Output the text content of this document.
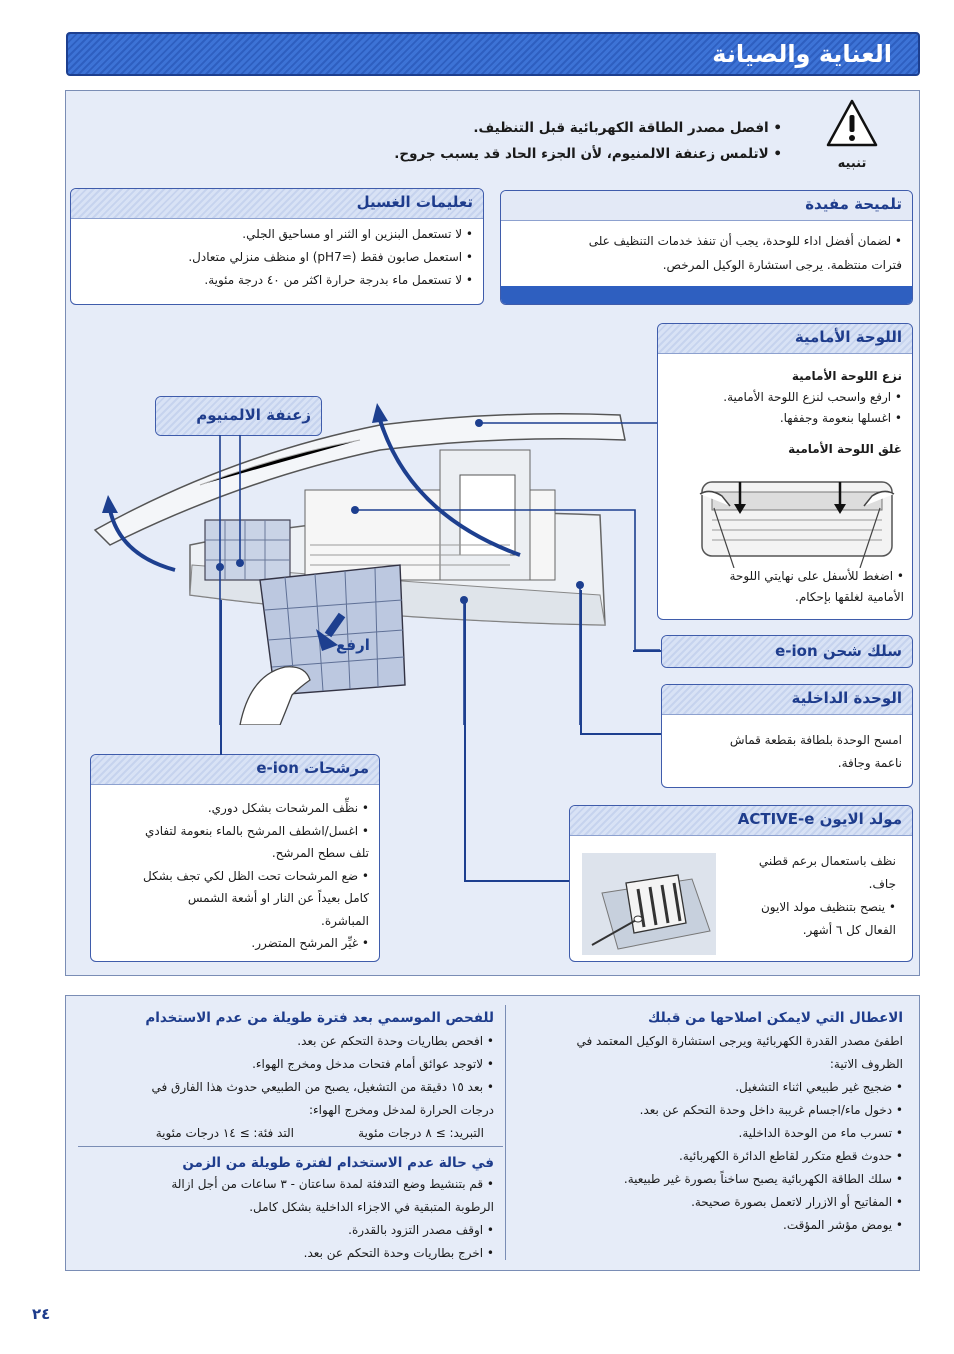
العناية والصيانة
تنبيه
• افصل مصدر الطاقة الكهربائية قبل التنظيف.
• لاتلمس زعنفة الالمنيوم، لأن الجزء الحاد قد يسبب جروح.
تلميحة مفيدة

• لضمان أفضل اداء للوحدة، يجب أن تنفذ خدمات التنظيف على

فترات منتظمة. يرجى استشارة الوكيل المرخص.

تعليمات الغسيل

• لا تستعمل البنزين او الثنر او مساحيق الجلي.

• استعمل صابون فقط (≃pH7) او منظف منزلي متعادل.

• لا تستعمل ماء بدرجة حرارة اكثر من ٤٠ درجة مئوية.

اللوحة الأمامية

نزع اللوحة الأمامية

• ارفع واسحب لنزع اللوحة الأمامية.

• اغسلها بنعومة وجففها.

غلق اللوحة الأمامية

• اضغط للأسفل على نهايتي اللوحة

الأمامية لغلقها بإحكام.

سلك شحن e-ion
الوحدة الداخلية

امسح الوحدة بلطافة بقطعة قماش

ناعمة وجافة.

مولد الايون ACTIVE-e

نظف باستعمال برعم قطني

جاف.

• ينصح بتنظيف مولد الايون

الفعال كل ٦ أشهر.

مرشحات e-ion

• نظِّف المرشحات بشكل دوري.

• اغسل/اشطف المرشح بالماء بنعومة لتفادي

تلف سطح المرشح.

• ضع المرشحات تحت الظل لكي تجف بشكل

كامل بعيداً عن النار او أشعة الشمس

المباشرة.

• غيِّر المرشح المتضرر.

زعنفة الالمنيوم
ارفع
الاعطال التي لايمكن اصلاحها من قبلك
اطفئ مصدر القدرة الكهربائية ويرجى استشارة الوكيل المعتمد في
الظروف الاتية:
• ضجيج غير طبيعي اثناء التشغيل.
• دخول ماء/اجسام غريبة داخل وحدة التحكم عن بعد.
• تسرب ماء من الوحدة الداخلية.
• حدوث قطع متكرر لقاطع الدائرة الكهربائية.
• سلك الطاقة الكهربائية يصبح ساخناً بصورة غير طبيعية.
• المفاتيح أو الازرار لاتعمل بصورة صحيحة.
• يومض مؤشر المؤقت.
للفحص الموسمي بعد فترة طويلة من عدم الاستخدام
• افحص بطاريات وحدة التحكم عن بعد.
• لاتوجد عوائق أمام فتحات مدخل ومخرج الهواء.
• بعد ١٥ دقيقة من التشغيل، يصبح من الطبيعي حدوث هذا الفارق في
درجات الحرارة لمدخل ومخرج الهواء:
التبريد: ≥ ٨ درجات مئوية
التد فئة: ≥ ١٤ درجات مئوية
في حالة عدم الاستخدام لفترة طويلة من الزمن
• قم بتنشيط وضع التدفئة لمدة ساعتان - ٣ ساعات من أجل ازالة
الرطوبة المتبقية في الاجزاء الداخلية بشكل كامل.
• اوقف مصدر التزود بالقدرة.
• اخرج بطاريات وحدة التحكم عن بعد.
٢٤
